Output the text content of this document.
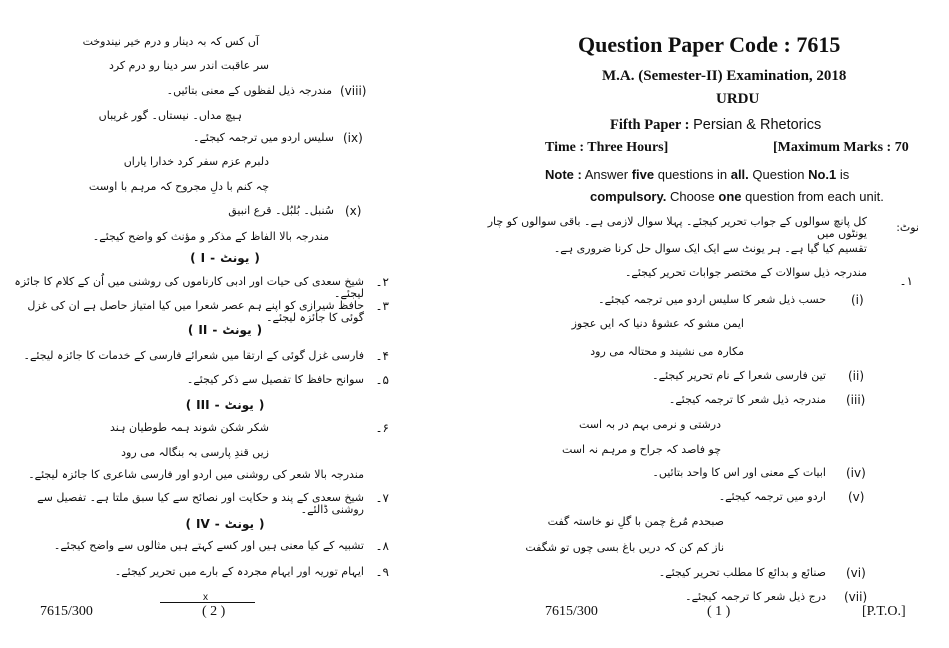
آں کس کہ بہ دینار و درم خیر نیندوخت
سر عاقبت اندر سر دینا رو درم کرد
(viii)
مندرجہ ذیل لفظوں کے معنی بتائیں۔
ہیچ مداں۔ نیستاں۔ گور غریباں
(ix)
سلیس اردو میں ترجمہ کیجئے۔
دلبرم عزم سفر کرد خدارا یاراں
چہ کنم با دلِ مجروح کہ مرہم با اوست
(x)
سُنبل۔ بُلبُل۔ قرع انبیق
مندرجہ بالا الفاظ کے مذکر و مؤنث کو واضح کیجئے۔
( I - یونٹ )
۲۔
شیخ سعدی کی حیات اور ادبی کارناموں کی روشنی میں اُن کے کلام کا جائزہ لیجئے۔
۳۔
حافظ شیرازی کو اپنے ہم عصر شعرا میں کیا امتیاز حاصل ہے ان کی غزل گوئی کا جائزہ لیجئے۔
( II - یونٹ )
۴۔
فارسی غزل گوئی کے ارتقا میں شعرائے فارسی کے خدمات کا جائزہ لیجئے۔
۵۔
سوانح حافظ کا تفصیل سے ذکر کیجئے۔
( III - یونٹ )
۶۔
شکر شکن شوند ہمہ طوطیان ہند
زیں قندِ پارسی بہ بنگالہ می رود
مندرجہ بالا شعر کی روشنی میں اردو اور فارسی شاعری کا جائزہ لیجئے۔
۷۔
شیخ سعدی کے پند و حکایت اور نصائح سے کیا سبق ملتا ہے۔ تفصیل سے روشنی ڈالئے۔
( IV - یونٹ )
۸۔
تشبیہ کے کیا معنی ہیں اور کسے کہتے ہیں مثالوں سے واضح کیجئے۔
۹۔
ایہام توریہ اور ایہام مجردہ کے بارے میں تحریر کیجئے۔
x
7615/300	( 2 )
Question Paper Code : 7615
M.A. (Semester-II) Examination, 2018
URDU
Fifth Paper : Persian & Rhetorics
Time : Three Hours]	[Maximum Marks : 70
Note : Answer five questions in all. Question No.1 is
compulsory. Choose one question from each unit.
نوٹ:
کل پانچ سوالوں کے جواب تحریر کیجئے۔ پہلا سوال لازمی ہے۔ باقی سوالوں کو چار یونٹوں میں
تقسیم کیا گیا ہے۔ ہر یونٹ سے ایک ایک سوال حل کرنا ضروری ہے۔
۱۔
مندرجہ ذیل سوالات کے مختصر جوابات تحریر کیجئے۔
(i)
حسب ذیل شعر کا سلیس اردو میں ترجمہ کیجئے۔
ایمن مشو کہ عشوۂ دنیا کہ ایں عجوز
مکارہ می نشیند و محتالہ می رود
(ii)
تین فارسی شعرا کے نام تحریر کیجئے۔
(iii)
مندرجہ ذیل شعر کا ترجمہ کیجئے۔
درشتی و نرمی بہم در بہ است
چو فاصد کہ جراح و مرہم نہ است
(iv)
ابیات کے معنی اور اس کا واحد بتائیں۔
(v)
اردو میں ترجمہ کیجئے۔
صبحدم مُرغ چمن با گلِ نو خاستہ گفت
ناز کم کن کہ دریں باغ بسی چوں تو شگفت
(vi)
صنائع و بدائع کا مطلب تحریر کیجئے۔
(vii)
درج ذیل شعر کا ترجمہ کیجئے۔
7615/300	( 1 )	[P.T.O.]
